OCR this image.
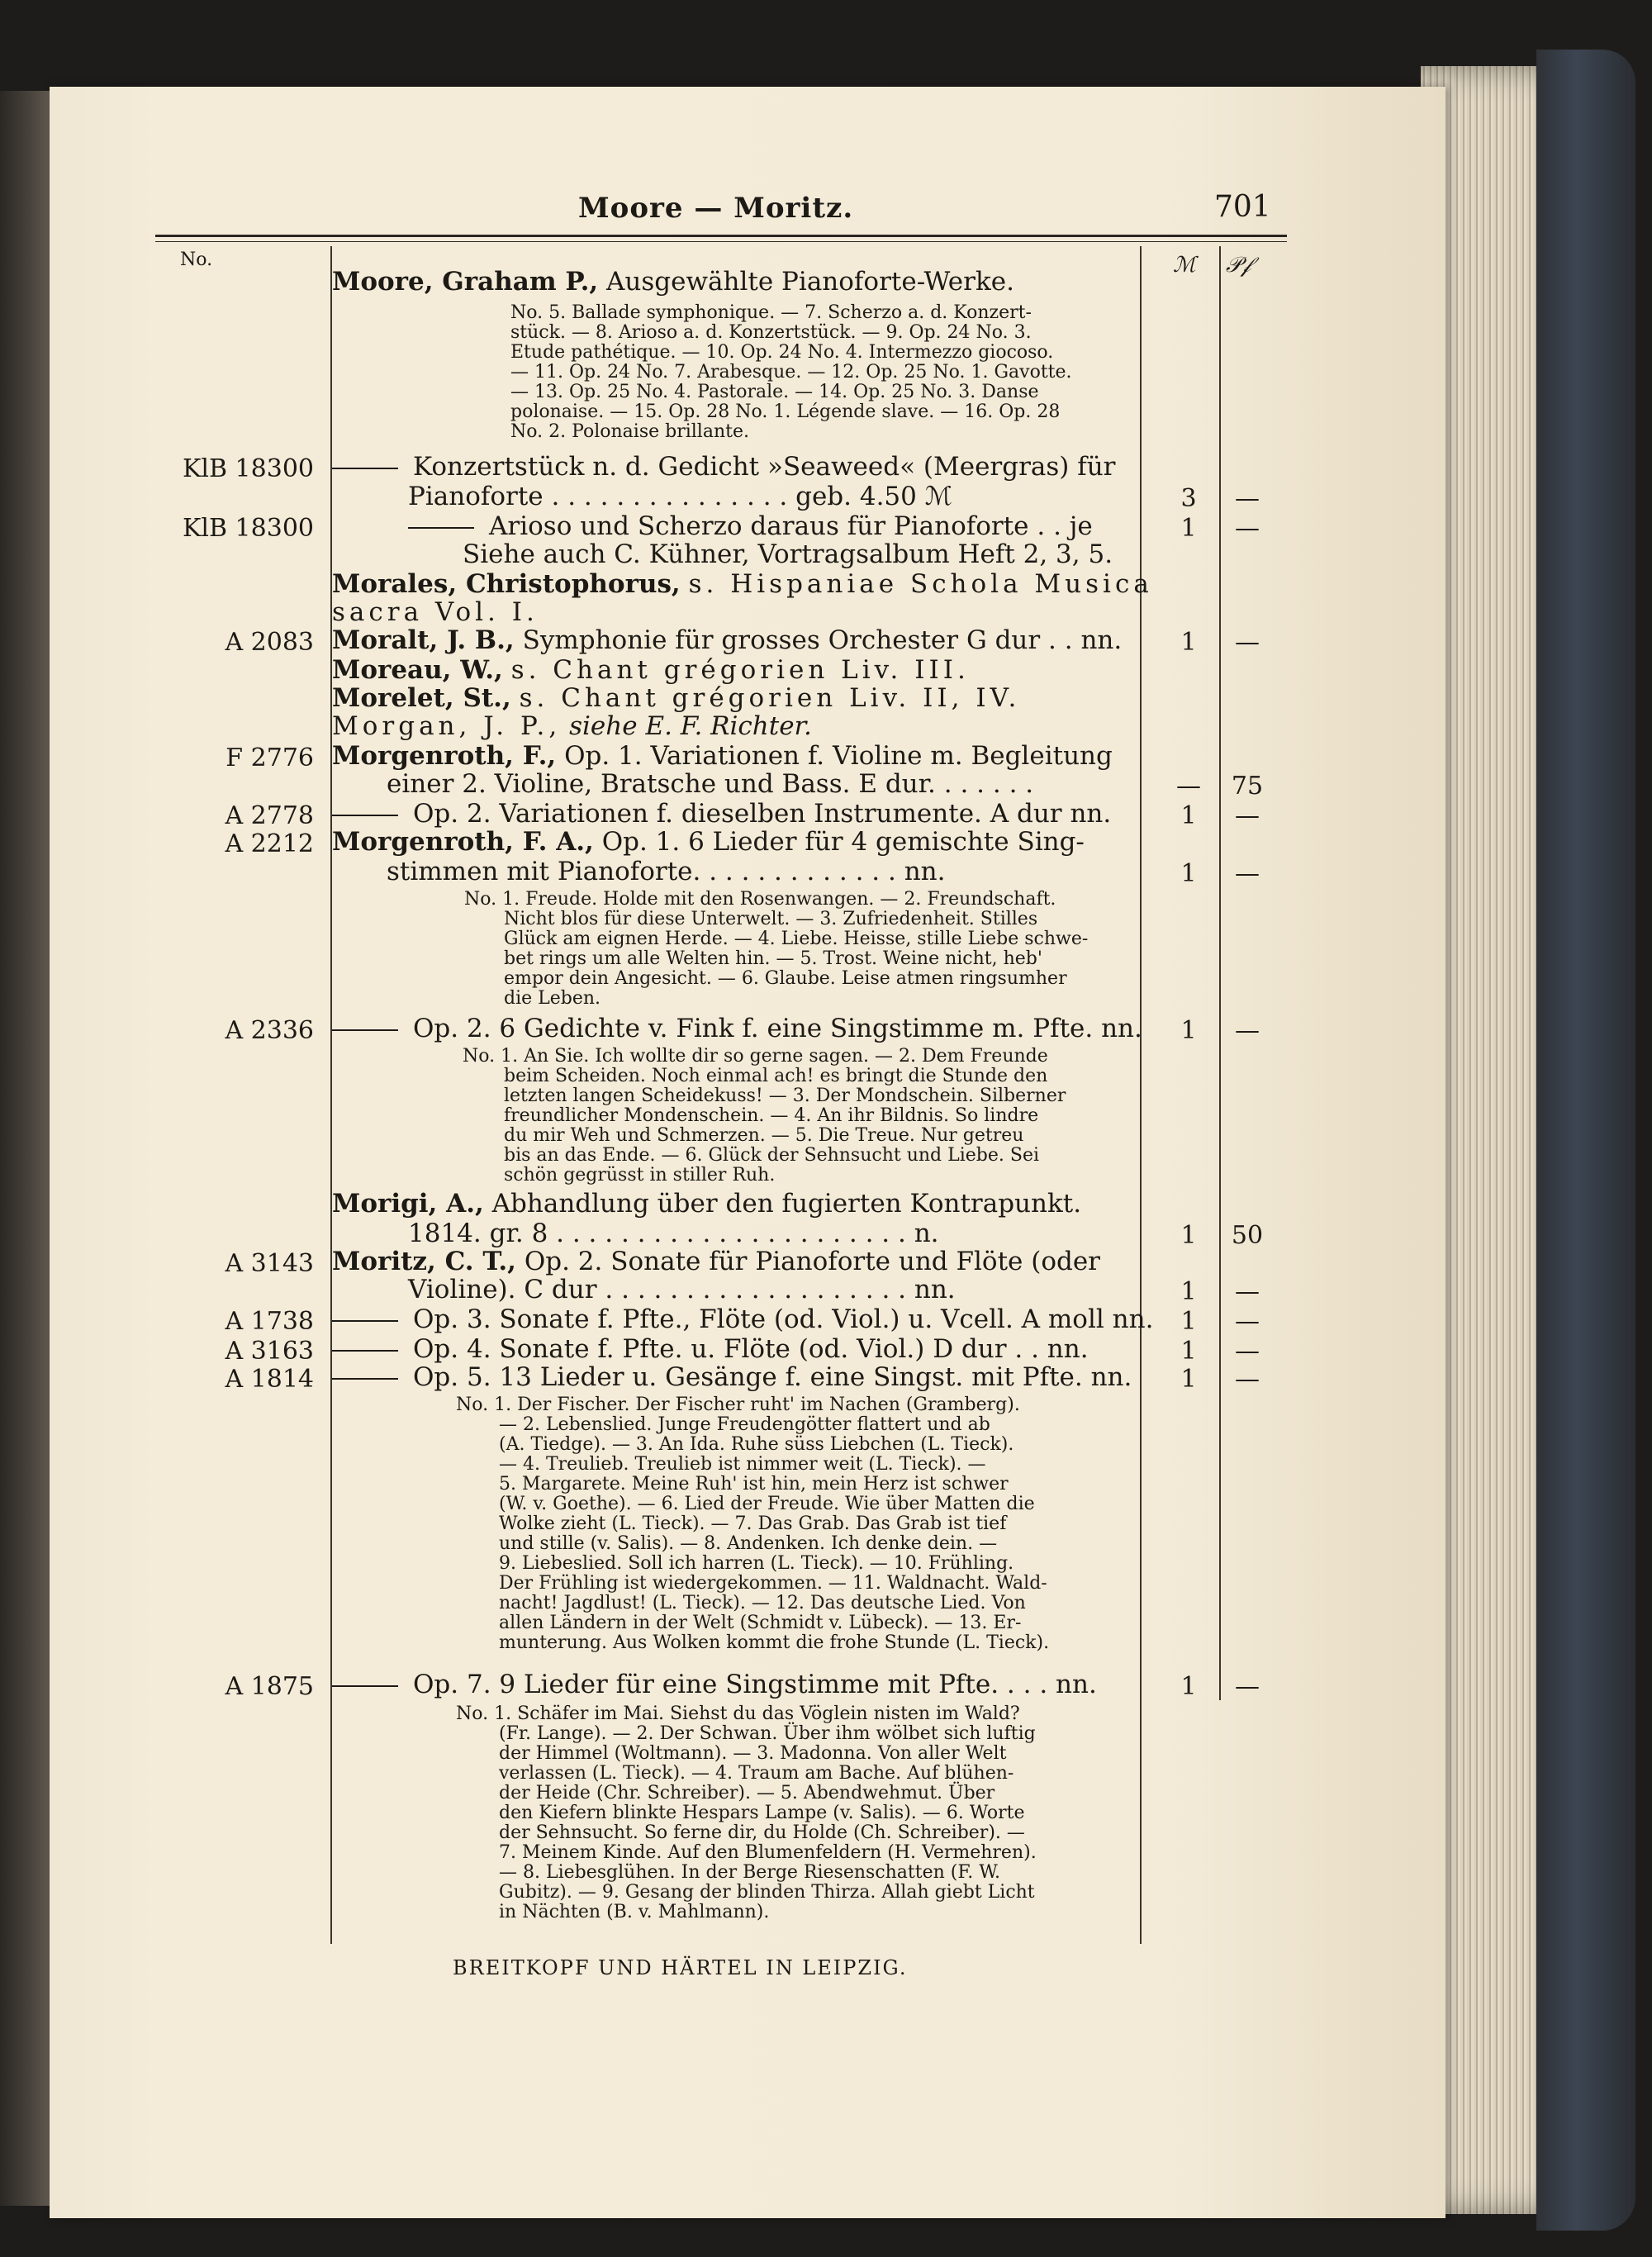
Moore — Moritz.	701
No.	ℳ 𝒫𝒻
Moore, Graham P., Ausgewählte Pianoforte-Werke.
No. 5. Ballade symphonique. — 7. Scherzo a. d. Konzert-
stück. — 8. Arioso a. d. Konzertstück. — 9. Op. 24 No. 3.
Etude pathétique. — 10. Op. 24 No. 4. Intermezzo giocoso.
— 11. Op. 24 No. 7. Arabesque. — 12. Op. 25 No. 1. Gavotte.
— 13. Op. 25 No. 4. Pastorale. — 14. Op. 25 No. 3. Danse
polonaise. — 15. Op. 28 No. 1. Légende slave. — 16. Op. 28
No. 2. Polonaise brillante.
KlB 18300	Konzertstück n. d. Gedicht »Seaweed« (Meergras) für
Pianoforte . . . . . . . . . . . . . . . geb. 4.50 ℳ	3	—
KlB 18300	Arioso und Scherzo daraus für Pianoforte . . je	1	—
Siehe auch C. Kühner, Vortragsalbum Heft 2, 3, 5.
Morales, Christophorus, s. Hispaniae Schola Musica
sacra Vol. I.
A 2083 Moralt, J. B., Symphonie für grosses Orchester G dur . . nn. 1	—
Moreau, W., s. Chant grégorien Liv. III.
Morelet, St., s. Chant grégorien Liv. II, IV.
Morgan, J. P., siehe E. F. Richter.
F 2776 Morgenroth, F., Op. 1. Variationen f. Violine m. Begleitung
einer 2. Violine, Bratsche und Bass. E dur. . . . . . .	—	75
A 2778	Op. 2. Variationen f. dieselben Instrumente. A dur nn.	1	—
A 2212 Morgenroth, F. A., Op. 1. 6 Lieder für 4 gemischte Sing-
stimmen mit Pianoforte. . . . . . . . . . . . . nn.	1	—
No. 1. Freude. Holde mit den Rosenwangen. — 2. Freundschaft.
Nicht blos für diese Unterwelt. — 3. Zufriedenheit. Stilles
Glück am eignen Herde. — 4. Liebe. Heisse, stille Liebe schwe-
bet rings um alle Welten hin. — 5. Trost. Weine nicht, heb'
empor dein Angesicht. — 6. Glaube. Leise atmen ringsumher
die Leben.
A 2336	Op. 2. 6 Gedichte v. Fink f. eine Singstimme m. Pfte. nn. 1	—
No. 1. An Sie. Ich wollte dir so gerne sagen. — 2. Dem Freunde
beim Scheiden. Noch einmal ach! es bringt die Stunde den
letzten langen Scheidekuss! — 3. Der Mondschein. Silberner
freundlicher Mondenschein. — 4. An ihr Bildnis. So lindre
du mir Weh und Schmerzen. — 5. Die Treue. Nur getreu
bis an das Ende. — 6. Glück der Sehnsucht und Liebe. Sei
schön gegrüsst in stiller Ruh.
Morigi, A., Abhandlung über den fugierten Kontrapunkt.
1814. gr. 8 . . . . . . . . . . . . . . . . . . . . . . n.	1	50
A 3143 Moritz, C. T., Op. 2. Sonate für Pianoforte und Flöte (oder
Violine). C dur . . . . . . . . . . . . . . . . . . . nn.	1	—
A 1738	Op. 3. Sonate f. Pfte., Flöte (od. Viol.) u. Vcell. A moll nn. 1	—
A 3163	Op. 4. Sonate f. Pfte. u. Flöte (od. Viol.) D dur . . nn.	1	—
A 1814	Op. 5. 13 Lieder u. Gesänge f. eine Singst. mit Pfte. nn. 1	—
No. 1. Der Fischer. Der Fischer ruht' im Nachen (Gramberg).
— 2. Lebenslied. Junge Freudengötter flattert und ab
(A. Tiedge). — 3. An Ida. Ruhe süss Liebchen (L. Tieck).
— 4. Treulieb. Treulieb ist nimmer weit (L. Tieck). —
5. Margarete. Meine Ruh' ist hin, mein Herz ist schwer
(W. v. Goethe). — 6. Lied der Freude. Wie über Matten die
Wolke zieht (L. Tieck). — 7. Das Grab. Das Grab ist tief
und stille (v. Salis). — 8. Andenken. Ich denke dein. —
9. Liebeslied. Soll ich harren (L. Tieck). — 10. Frühling.
Der Frühling ist wiedergekommen. — 11. Waldnacht. Wald-
nacht! Jagdlust! (L. Tieck). — 12. Das deutsche Lied. Von
allen Ländern in der Welt (Schmidt v. Lübeck). — 13. Er-
munterung. Aus Wolken kommt die frohe Stunde (L. Tieck).
A 1875	Op. 7. 9 Lieder für eine Singstimme mit Pfte. . . . nn.	1	—
No. 1. Schäfer im Mai. Siehst du das Vöglein nisten im Wald?
(Fr. Lange). — 2. Der Schwan. Über ihm wölbet sich luftig
der Himmel (Woltmann). — 3. Madonna. Von aller Welt
verlassen (L. Tieck). — 4. Traum am Bache. Auf blühen-
der Heide (Chr. Schreiber). — 5. Abendwehmut. Über
den Kiefern blinkte Hespars Lampe (v. Salis). — 6. Worte
der Sehnsucht. So ferne dir, du Holde (Ch. Schreiber). —
7. Meinem Kinde. Auf den Blumenfeldern (H. Vermehren).
— 8. Liebesglühen. In der Berge Riesenschatten (F. W.
Gubitz). — 9. Gesang der blinden Thirza. Allah giebt Licht
in Nächten (B. v. Mahlmann).
BREITKOPF UND HÄRTEL IN LEIPZIG.
